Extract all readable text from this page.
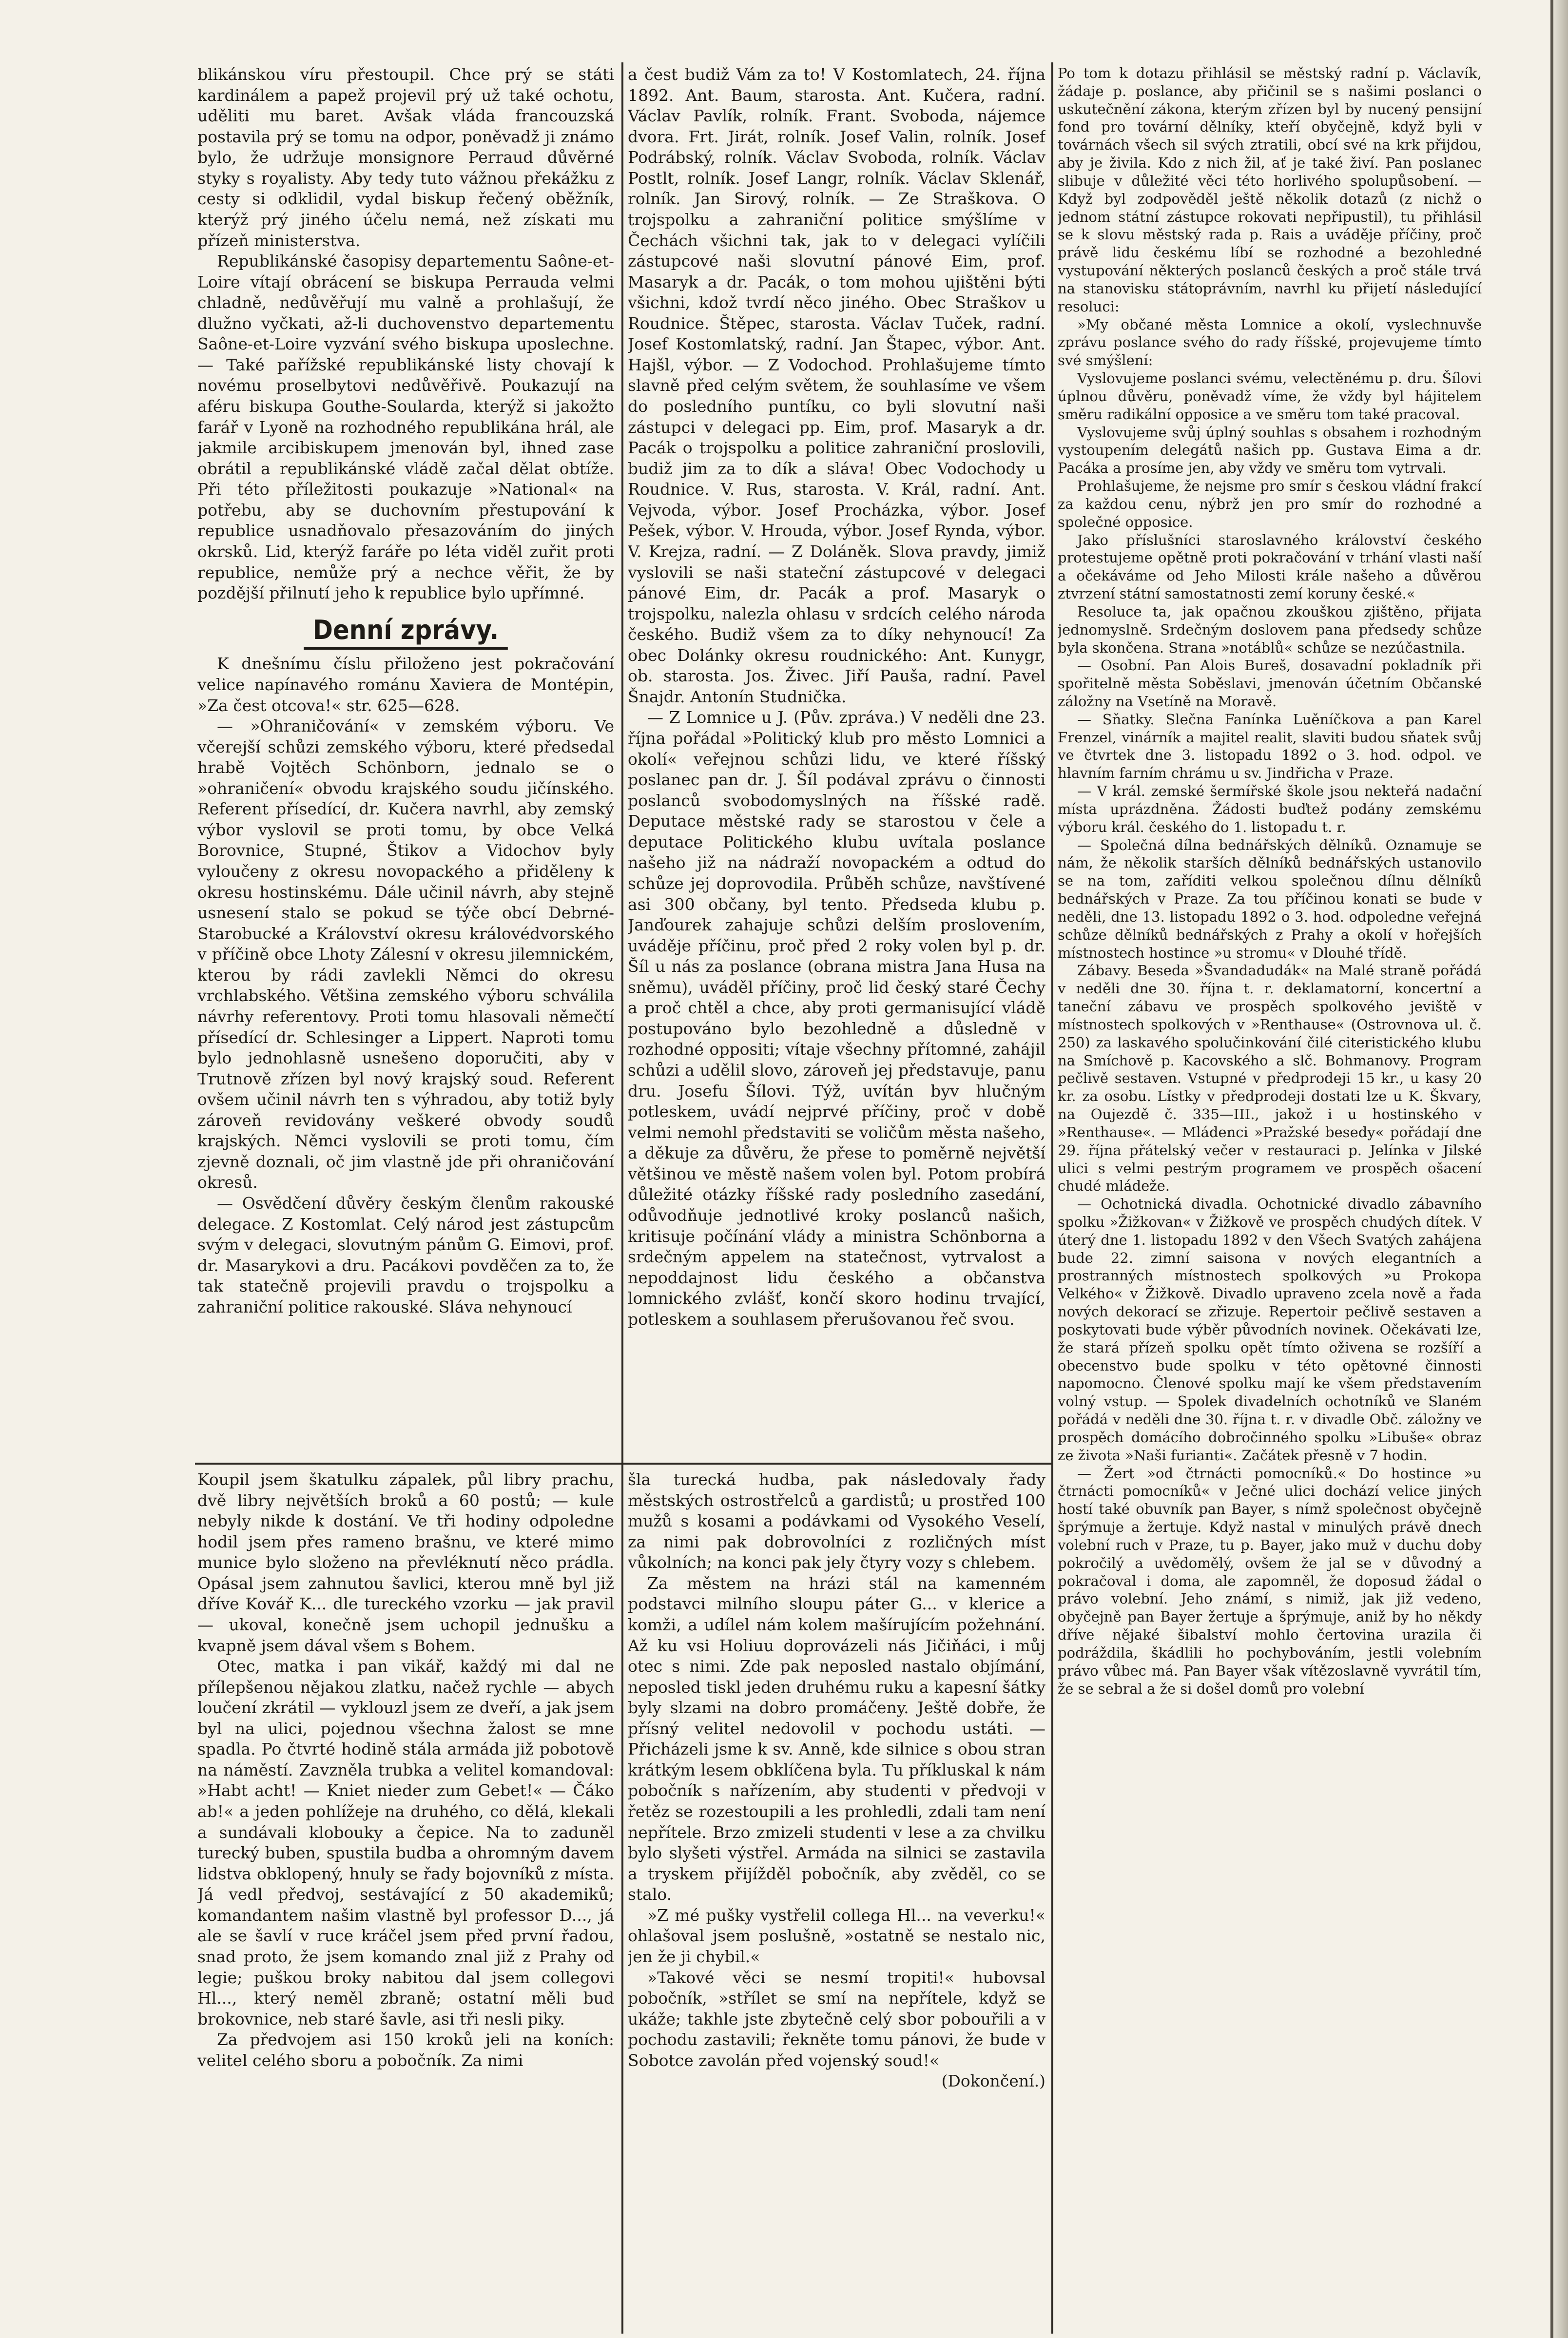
blikánskou víru přestoupil. Chce prý se státi kardinálem a papež projevil prý už také ochotu, uděliti mu baret. Avšak vláda francouzská postavila prý se tomu na odpor, poněvadž ji známo bylo, že udržuje monsignore Perraud důvěrné styky s royalisty. Aby tedy tuto vážnou překážku z cesty si odklidil, vydal biskup řečený oběžník, kterýž prý jiného účelu nemá, než získati mu přízeň ministerstva.

Republikánské časopisy departementu Saône-et-Loire vítají obrácení se biskupa Perrauda velmi chladně, nedůvěřují mu valně a prohlašují, že dlužno vyčkati, až-li duchovenstvo departementu Saône-et-Loire vyzvání svého biskupa uposlechne. — Také pařížské republikánské listy chovají k novému proselbytovi nedůvěřivě. Poukazují na aféru biskupa Gouthe-Soularda, kterýž si jakožto farář v Lyoně na rozhodného republikána hrál, ale jakmile arcibiskupem jmenován byl, ihned zase obrátil a republikánské vládě začal dělat obtíže. Při této příležitosti poukazuje »National« na potřebu, aby se duchovním přestupování k republice usnadňovalo přesazováním do jiných okrsků. Lid, kterýž faráře po léta viděl zuřit proti republice, nemůže prý a nechce věřit, že by pozdější přilnutí jeho k republice bylo upřímné.

Denní zprávy.

K dnešnímu číslu přiloženo jest pokračování velice napínavého románu Xaviera de Montépin, »Za čest otcova!« str. 625—628.

— »Ohraničování« v zemském výboru. Ve včerejší schůzi zemského výboru, které předsedal hrabě Vojtěch Schönborn, jednalo se o »ohraničení« obvodu krajského soudu jičínského. Referent přísedící, dr. Kučera navrhl, aby zemský výbor vyslovil se proti tomu, by obce Velká Borovnice, Stupné, Štikov a Vidochov byly vyloučeny z okresu novopackého a přiděleny k okresu hostinskému. Dále učinil návrh, aby stejně usnesení stalo se pokud se týče obcí Debrné-Starobucké a Království okresu královédvorského v příčině obce Lhoty Zálesní v okresu jilemnickém, kterou by rádi zavlekli Němci do okresu vrchlabského. Většina zemského výboru schválila návrhy referentovy. Proti tomu hlasovali němečtí přísedící dr. Schlesinger a Lippert. Naproti tomu bylo jednohlasně usnešeno doporučiti, aby v Trutnově zřízen byl nový krajský soud. Referent ovšem učinil návrh ten s výhradou, aby totiž byly zároveň revidovány veškeré obvody soudů krajských. Němci vyslovili se proti tomu, čím zjevně doznali, oč jim vlastně jde při ohraničování okresů.

— Osvědčení důvěry českým členům rakouské delegace. Z Kostomlat. Celý národ jest zástupcům svým v delegaci, slovutným pánům G. Eimovi, prof. dr. Masarykovi a dru. Pacákovi povděčen za to, že tak statečně projevili pravdu o trojspolku a zahraniční politice rakouské. Sláva nehynoucí

a čest budiž Vám za to! V Kostomlatech, 24. října 1892. Ant. Baum, starosta. Ant. Kučera, radní. Václav Pavlík, rolník. Frant. Svoboda, nájemce dvora. Frt. Jirát, rolník. Josef Valin, rolník. Josef Podrábský, rolník. Václav Svoboda, rolník. Václav Postlt, rolník. Josef Langr, rolník. Václav Sklenář, rolník. Jan Sirový, rolník. — Ze Straškova. O trojspolku a zahraniční politice smýšlíme v Čechách všichni tak, jak to v delegaci vylíčili zástupcové naši slovutní pánové Eim, prof. Masaryk a dr. Pacák, o tom mohou ujištěni býti všichni, kdož tvrdí něco jiného. Obec Straškov u Roudnice. Štěpec, starosta. Václav Tuček, radní. Josef Kostomlatský, radní. Jan Štapec, výbor. Ant. Hajšl, výbor. — Z Vodochod. Prohlašujeme tímto slavně před celým světem, že souhlasíme ve všem do posledního puntíku, co byli slovutní naši zástupci v delegaci pp. Eim, prof. Masaryk a dr. Pacák o trojspolku a politice zahraniční proslovili, budiž jim za to dík a sláva! Obec Vodochody u Roudnice. V. Rus, starosta. V. Král, radní. Ant. Vejvoda, výbor. Josef Procházka, výbor. Josef Pešek, výbor. V. Hrouda, výbor. Josef Rynda, výbor. V. Krejza, radní. — Z Doláněk. Slova pravdy, jimiž vyslovili se naši stateční zástupcové v delegaci pánové Eim, dr. Pacák a prof. Masaryk o trojspolku, nalezla ohlasu v srdcích celého národa českého. Budiž všem za to díky nehynoucí! Za obec Dolánky okresu roudnického: Ant. Kunygr, ob. starosta. Jos. Živec. Jiří Pauša, radní. Pavel Šnajdr. Antonín Studnička.

— Z Lomnice u J. (Pův. zpráva.) V neděli dne 23. října pořádal »Politický klub pro město Lomnici a okolí« veřejnou schůzi lidu, ve které říšský poslanec pan dr. J. Šíl podával zprávu o činnosti poslanců svobodomyslných na říšské radě. Deputace městské rady se starostou v čele a deputace Politického klubu uvítala poslance našeho již na nádraží novopackém a odtud do schůze jej doprovodila. Průběh schůze, navštívené asi 300 občany, byl tento. Předseda klubu p. Janďourek zahajuje schůzi delším proslovením, uváděje příčinu, proč před 2 roky volen byl p. dr. Šíl u nás za poslance (obrana mistra Jana Husa na sněmu), uváděl příčiny, proč lid český staré Čechy a proč chtěl a chce, aby proti germanisující vládě postupováno bylo bezohledně a důsledně v rozhodné oppositi; vítaje všechny přítomné, zahájil schůzi a udělil slovo, zároveň jej představuje, panu dru. Josefu Šílovi. Týž, uvítán byv hlučným potleskem, uvádí nejprvé příčiny, proč v době velmi nemohl představiti se voličům města našeho, a děkuje za důvěru, že přese to poměrně největší většinou ve městě našem volen byl. Potom probírá důležité otázky říšské rady posledního zasedání, odůvodňuje jednotlivé kroky poslanců našich, kritisuje počínání vlády a ministra Schönborna a srdečným appelem na statečnost, vytrvalost a nepoddajnost lidu českého a občanstva lomnického zvlášť, končí skoro hodinu trvající, potleskem a souhlasem přerušovanou řeč svou.

Po tom k dotazu přihlásil se městský radní p. Václavík, žádaje p. poslance, aby přičinil se s našimi poslanci o uskutečnění zákona, kterým zřízen byl by nucený pensijní fond pro tovární dělníky, kteří obyčejně, když byli v továrnách všech sil svých ztratili, obcí své na krk přijdou, aby je živila. Kdo z nich žil, ať je také živí. Pan poslanec slibuje v důležité věci této horlivého spolupůsobení. — Když byl zodpověděl ještě několik dotazů (z nichž o jednom státní zástupce rokovati nepřipustil), tu přihlásil se k slovu městský rada p. Rais a uváděje příčiny, proč právě lidu českému líbí se rozhodné a bezohledné vystupování některých poslanců českých a proč stále trvá na stanovisku státoprávním, navrhl ku přijetí následující resoluci:

»My občané města Lomnice a okolí, vyslechnuvše zprávu poslance svého do rady říšské, projevujeme tímto své smýšlení:

Vyslovujeme poslanci svému, velectěnému p. dru. Šílovi úplnou důvěru, poněvadž víme, že vždy byl hájitelem směru radikální opposice a ve směru tom také pracoval.

Vyslovujeme svůj úplný souhlas s obsahem i rozhodným vystoupením delegátů našich pp. Gustava Eima a dr. Pacáka a prosíme jen, aby vždy ve směru tom vytrvali.

Prohlašujeme, že nejsme pro smír s českou vládní frakcí za každou cenu, nýbrž jen pro smír do rozhodné a společné opposice.

Jako příslušníci staroslavného království českého protestujeme opětně proti pokračování v trhání vlasti naší a očekáváme od Jeho Milosti krále našeho a důvěrou ztvrzení státní samostatnosti zemí koruny české.«

Resoluce ta, jak opačnou zkouškou zjištěno, přijata jednomyslně. Srdečným doslovem pana předsedy schůze byla skončena. Strana »notáblů« schůze se nezúčastnila.

— Osobní. Pan Alois Bureš, dosavadní pokladník při spořitelně města Soběslavi, jmenován účetním Občanské záložny na Vsetíně na Moravě.

— Sňatky. Slečna Fanínka Luěníčkova a pan Karel Frenzel, vinárník a majitel realit, slaviti budou sňatek svůj ve čtvrtek dne 3. listopadu 1892 o 3. hod. odpol. ve hlavním farním chrámu u sv. Jindřicha v Praze.

— V král. zemské šermířské škole jsou nekteřá nadační místa uprázdněna. Žádosti buďtež podány zemskému výboru král. českého do 1. listopadu t. r.

— Společná dílna bednářských dělníků. Oznamuje se nám, že několik starších dělníků bednářských ustanovilo se na tom, zaříditi velkou společnou dílnu dělníků bednářských v Praze. Za tou příčinou konati se bude v neděli, dne 13. listopadu 1892 o 3. hod. odpoledne veřejná schůze dělníků bednářských z Prahy a okolí v hořejších místnostech hostince »u stromu« v Dlouhé třídě.

Zábavy. Beseda »Švandadudák« na Malé straně pořádá v neděli dne 30. října t. r. deklamatorní, koncertní a taneční zábavu ve prospěch spolkového jeviště v místnostech spolkových v »Renthause« (Ostrovnova ul. č. 250) za laskavého spolučinkování čilé citeristického klubu na Smíchově p. Kacovského a slč. Bohmanovy. Program pečlivě sestaven. Vstupné v předprodeji 15 kr., u kasy 20 kr. za osobu. Lístky v předprodeji dostati lze u K. Škvary, na Oujezdě č. 335—III., jakož i u hostinského v »Renthause«. — Mládenci »Pražské besedy« pořádají dne 29. října přátelský večer v restauraci p. Jelínka v Jilské ulici s velmi pestrým programem ve prospěch ošacení chudé mládeže.

— Ochotnická divadla. Ochotnické divadlo zábavního spolku »Žižkovan« v Žižkově ve prospěch chudých dítek. V úterý dne 1. listopadu 1892 v den Všech Svatých zahájena bude 22. zimní saisona v nových elegantních a prostranných místnostech spolkových »u Prokopa Velkého« v Žižkově. Divadlo upraveno zcela nově a řada nových dekorací se zřizuje. Repertoir pečlivě sestaven a poskytovati bude výběr původních novinek. Očekávati lze, že stará přízeň spolku opět tímto oživena se rozšíří a obecenstvo bude spolku v této opětovné činnosti napomocno. Členové spolku mají ke všem představením volný vstup. — Spolek divadelních ochotníků ve Slaném pořádá v neděli dne 30. října t. r. v divadle Obč. záložny ve prospěch domácího dobročinného spolku »Libuše« obraz ze života »Naši furianti«. Začátek přesně v 7 hodin.

— Žert »od čtrnácti pomocníků.« Do hostince »u čtrnácti pomocníků« v Ječné ulici dochází velice jiných hostí také obuvník pan Bayer, s nímž společnost obyčejně šprýmuje a žertuje. Když nastal v minulých právě dnech volební ruch v Praze, tu p. Bayer, jako muž v duchu doby pokročilý a uvědomělý, ovšem že jal se v důvodný a pokračoval i doma, ale zapomněl, že doposud žádal o právo volební. Jeho známí, s nimiž, jak již vedeno, obyčejně pan Bayer žertuje a šprýmuje, aniž by ho někdy dříve nějaké šibalství mohlo čertovina urazila či podráždila, škádlili ho pochybováním, jestli volebním právo vůbec má. Pan Bayer však vítězoslavně vyvrátil tím, že se sebral a že si došel domů pro volební

Koupil jsem škatulku zápalek, půl libry prachu, dvě libry největších broků a 60 postů; — kule nebyly nikde k dostání. Ve tři hodiny odpoledne hodil jsem přes rameno brašnu, ve které mimo munice bylo složeno na převléknutí něco prádla. Opásal jsem zahnutou šavlici, kterou mně byl již dříve Kovář K... dle tureckého vzorku — jak pravil — ukoval, konečně jsem uchopil jednušku a kvapně jsem dával všem s Bohem.

Otec, matka i pan vikář, každý mi dal ne přílepšenou nějakou zlatku, načež rychle — abych loučení zkrátil — vyklouzl jsem ze dveří, a jak jsem byl na ulici, pojednou všechna žalost se mne spadla. Po čtvrté hodině stála armáda již pobotově na náměstí. Zavzněla trubka a velitel komandoval: »Habt acht! — Kniet nieder zum Gebet!« — Čáko ab!« a jeden pohlížeje na druhého, co dělá, klekali a sundávali klobouky a čepice. Na to zaduněl turecký buben, spustila budba a ohromným davem lidstva obklopený, hnuly se řady bojovníků z místa. Já vedl předvoj, sestávající z 50 akademiků; komandantem našim vlastně byl professor D..., já ale se šavlí v ruce kráčel jsem před první řadou, snad proto, že jsem komando znal již z Prahy od legie; puškou broky nabitou dal jsem collegovi Hl..., který neměl zbraně; ostatní měli buď brokovnice, neb staré šavle, asi tři nesli piky.

Za předvojem asi 150 kroků jeli na koních: velitel celého sboru a pobočník. Za nimi

šla turecká hudba, pak následovaly řady městských ostrostřelců a gardistů; u prostřed 100 mužů s kosami a podávkami od Vysokého Veselí, za nimi pak dobrovolníci z rozličných míst vůkolních; na konci pak jely čtyry vozy s chlebem.

Za městem na hrázi stál na kamenném podstavci milního sloupu páter G... v klerice a komži, a udílel nám kolem mašírujícím požehnání. Až ku vsi Holiuu doprovázeli nás Jičiňáci, i můj otec s nimi. Zde pak neposled nastalo objímání, neposled tiskl jeden druhému ruku a kapesní šátky byly slzami na dobro promáčeny. Ještě dobře, že přísný velitel nedovolil v pochodu ustáti. — Přicházeli jsme k sv. Anně, kde silnice s obou stran krátkým lesem obklíčena byla. Tu příkluskal k nám pobočník s nařízením, aby studenti v předvoji v řetěz se rozestoupili a les prohledli, zdali tam není nepřítele. Brzo zmizeli studenti v lese a za chvilku bylo slyšeti výstřel. Armáda na silnici se zastavila a tryskem přijížděl pobočník, aby zvěděl, co se stalo.

»Z mé pušky vystřelil collega Hl... na veverku!« ohlašoval jsem poslušně, »ostatně se nestalo nic, jen že ji chybil.«

»Takové věci se nesmí tropiti!« hubovsal pobočník, »střílet se smí na nepřítele, když se ukáže; takhle jste zbytečně celý sbor pobouřili a v pochodu zastavili; řekněte tomu pánovi, že bude v Sobotce zavolán před vojenský soud!«

(Dokončení.)
